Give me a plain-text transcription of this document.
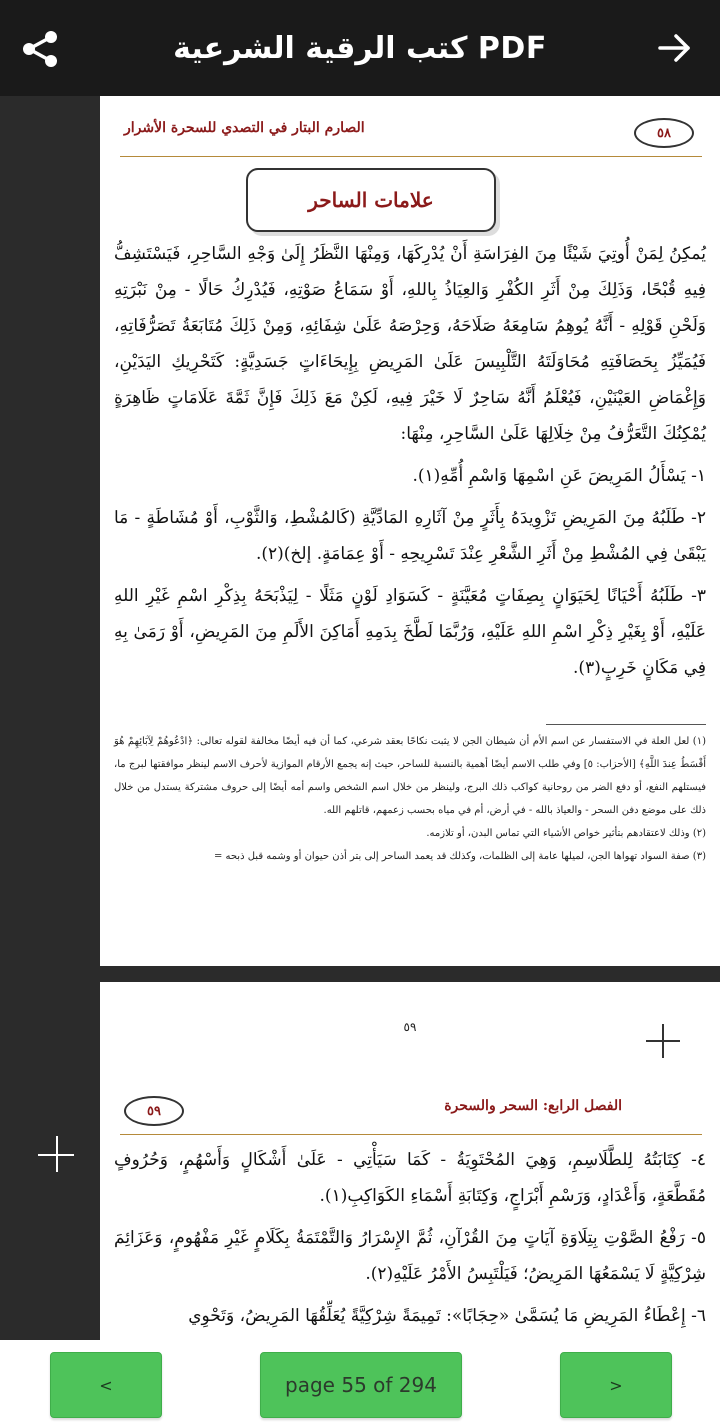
كتب الرقية الشرعية PDF
الصارم البتار في التصدي للسحرة الأشرار	٥٨
علامات الساحر

يُمكِنُ لِمَنْ أُوتِيَ شَيْئًا مِنَ الفِرَاسَةِ أَنْ يُدْرِكَهَا، وَمِنْهَا النَّظَرُ إِلَىٰ وَجْهِ السَّاحِرِ، فَيَسْتَشِفُّ فِيهِ قُبْحًا، وَذَلِكَ مِنْ أَثَرِ الكُفْرِ وَالعِيَاذُ بِاللهِ، أَوْ سَمَاعُ صَوْتِهِ، فَيُدْرِكُ حَالًا - مِنْ نَبْرَتِهِ وَلَحْنِ قَوْلِهِ - أَنَّهُ يُوهِمُ سَامِعَهُ صَلَاحَهُ، وَحِرْصَهُ عَلَىٰ شِفَائِهِ، وَمِنْ ذَلِكَ مُتَابَعَةُ تَصَرُّفَاتِهِ، فَيُمَيِّزُ بِحَصَافَتِهِ مُحَاوَلَتَهُ التَّلْبِيسَ عَلَىٰ المَرِيضِ بِإِيحَاءَاتٍ جَسَدِيَّةٍ: كَتَحْرِيكِ اليَدَيْنِ، وَإِغْمَاضِ العَيْنَيْنِ، فَيُعْلَمُ أَنَّهُ سَاحِرٌ لَا خَيْرَ فِيهِ، لَكِنْ مَعَ ذَلِكَ فَإِنَّ ثَمَّةَ عَلَامَاتٍ ظَاهِرَةٍ يُمْكِنُكَ التَّعَرُّفُ مِنْ خِلَالِهَا عَلَىٰ السَّاحِرِ، مِنْهَا:

١- يَسْأَلُ المَرِيضَ عَنِ اسْمِهَا وَاسْمِ أُمِّهِ(١).

٢- طَلَبُهُ مِنَ المَرِيضِ تَزْوِيدَهُ بِأَثَرٍ مِنْ آثَارِهِ المَادِّيَّةِ (كَالمُشْطِ، وَالثَّوْبِ، أَوْ مُشَاطَةٍ - مَا يَبْقَىٰ فِي المُشْطِ مِنْ أَثَرِ الشَّعْرِ عِنْدَ تَسْرِيحِهِ - أَوْ عِمَامَةٍ. إلخ)(٢).

٣- طَلَبُهُ أَحْيَانًا لِحَيَوَانٍ بِصِفَاتٍ مُعَيَّنَةٍ - كَسَوَادِ لَوْنٍ مَثَلًا - لِيَذْبَحَهُ بِذِكْرِ اسْمِ غَيْرِ اللهِ عَلَيْهِ، أَوْ بِغَيْرِ ذِكْرِ اسْمِ اللهِ عَلَيْهِ، وَرُبَّمَا لَطَّخَ بِدَمِهِ أَمَاكِنَ الأَلَمِ مِنَ المَرِيضِ، أَوْ رَمَىٰ بِهِ فِي مَكَانٍ خَرِبٍ(٣).

(١) لعل العلة في الاستفسار عن اسم الأم أن شيطان الجن لا يثبت نكاحًا بعقد شرعي، كما أن فيه أيضًا مخالفة لقوله تعالى: ﴿ادْعُوهُمْ لِآبَائِهِمْ هُوَ أَقْسَطُ عِندَ اللَّهِ﴾ [الأحزاب: ٥] وفي طلب الاسم أيضًا أهمية بالنسبة للساحر، حيث إنه يجمع الأرقام الموازية لأحرف الاسم لينظر موافقتها لبرج ما، فيستلهم النفع، أو دفع الضر من روحانية كواكب ذلك البرج، ولينظر من خلال اسم الشخص واسم أمه أيضًا إلى حروف مشتركة يستدل من خلال ذلك على موضع دفن السحر - والعياذ بالله - في أرض، أم في مياه بحسب زعمهم، قاتلهم الله.

(٢) وذلك لاعتقادهم بتأثير خواص الأشياء التي تماس البدن، أو تلازمه.

(٣) صفة السواد تهواها الجن، لميلها عامة إلى الظلمات، وكذلك قد يعمد الساحر إلى بتر أذن حيوان أو وشمه قبل ذبحه =

٥٩
الفصل الرابع: السحر والسحرة
٥٩

٤- كِتَابَتُهُ لِلطَّلَاسِمِ، وَهِيَ المُحْتَوِيَةُ - كَمَا سَيَأْتِي - عَلَىٰ أَشْكَالٍ وَأَسْهُمٍ، وَحُرُوفٍ مُقَطَّعَةٍ، وَأَعْدَادٍ، وَرَسْمِ أَبْرَاجٍ، وَكِتَابَةِ أَسْمَاءِ الكَوَاكِبِ(١).

٥- رَفْعُ الصَّوْتِ بِتِلَاوَةِ آيَاتٍ مِنَ القُرْآنِ، ثُمَّ الإِسْرَارُ وَالتَّمْتَمَةُ بِكَلَامٍ غَيْرِ مَفْهُومٍ، وَعَزَائِمَ شِرْكِيَّةٍ لَا يَسْمَعُهَا المَرِيضُ؛ فَيَلْتَبِسُ الأَمْرُ عَلَيْهِ(٢).

٦- إِعْطَاءُ المَرِيضِ مَا يُسَمَّىٰ «حِجَابًا»: تَمِيمَةً شِرْكِيَّةً يُعَلِّقُهَا المَرِيضُ، وَتَحْوِي

<	page 55 of 294	>
